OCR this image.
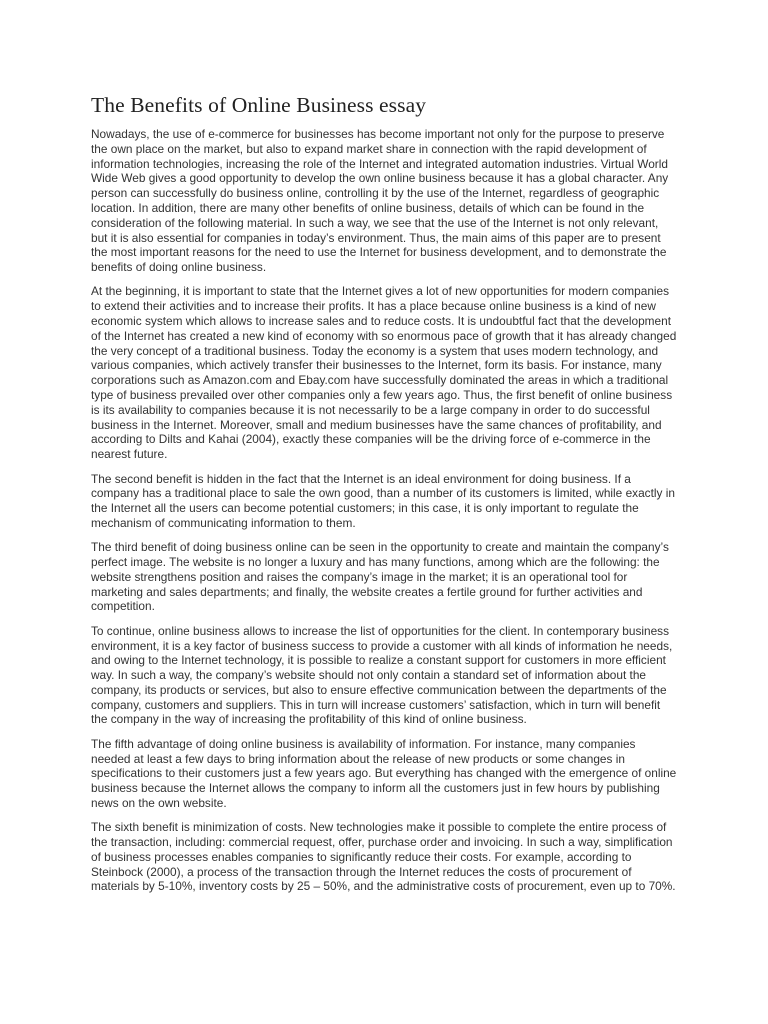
The Benefits of Online Business essay

Nowadays, the use of e-commerce for businesses has become important not only for the purpose to preserve the own place on the market, but also to expand market share in connection with the rapid development of information technologies, increasing the role of the Internet and integrated automation industries. Virtual World Wide Web gives a good opportunity to develop the own online business because it has a global character. Any person can successfully do business online, controlling it by the use of the Internet, regardless of geographic location. In addition, there are many other benefits of online business, details of which can be found in the consideration of the following material. In such a way, we see that the use of the Internet is not only relevant, but it is also essential for companies in today’s environment. Thus, the main aims of this paper are to present the most important reasons for the need to use the Internet for business development, and to demonstrate the benefits of doing online business.

At the beginning, it is important to state that the Internet gives a lot of new opportunities for modern companies to extend their activities and to increase their profits. It has a place because online business is a kind of new economic system which allows to increase sales and to reduce costs. It is undoubtful fact that the development of the Internet has created a new kind of economy with so enormous pace of growth that it has already changed the very concept of a traditional business. Today the economy is a system that uses modern technology, and various companies, which actively transfer their businesses to the Internet, form its basis. For instance, many corporations such as Amazon.com and Ebay.com have successfully dominated the areas in which a traditional type of business prevailed over other companies only a few years ago. Thus, the first benefit of online business is its availability to companies because it is not necessarily to be a large company in order to do successful business in the Internet. Moreover, small and medium businesses have the same chances of profitability, and according to Dilts and Kahai (2004), exactly these companies will be the driving force of e-commerce in the nearest future.

The second benefit is hidden in the fact that the Internet is an ideal environment for doing business. If a company has a traditional place to sale the own good, than a number of its customers is limited, while exactly in the Internet all the users can become potential customers; in this case, it is only important to regulate the mechanism of communicating information to them.

The third benefit of doing business online can be seen in the opportunity to create and maintain the company’s perfect image. The website is no longer a luxury and has many functions, among which are the following: the website strengthens position and raises the company’s image in the market; it is an operational tool for marketing and sales departments; and finally, the website creates a fertile ground for further activities and competition.

To continue, online business allows to increase the list of opportunities for the client. In contemporary business environment, it is a key factor of business success to provide a customer with all kinds of information he needs, and owing to the Internet technology, it is possible to realize a constant support for customers in more efficient way. In such a way, the company’s website should not only contain a standard set of information about the company, its products or services, but also to ensure effective communication between the departments of the company, customers and suppliers. This in turn will increase customers’ satisfaction, which in turn will benefit the company in the way of increasing the profitability of this kind of online business.

The fifth advantage of doing online business is availability of information. For instance, many companies needed at least a few days to bring information about the release of new products or some changes in specifications to their customers just a few years ago. But everything has changed with the emergence of online business because the Internet allows the company to inform all the customers just in few hours by publishing news on the own website.

The sixth benefit is minimization of costs. New technologies make it possible to complete the entire process of the transaction, including: commercial request, offer, purchase order and invoicing. In such a way, simplification of business processes enables companies to significantly reduce their costs. For example, according to Steinbock (2000), a process of the transaction through the Internet reduces the costs of procurement of materials by 5-10%, inventory costs by 25 – 50%, and the administrative costs of procurement, even up to 70%.
